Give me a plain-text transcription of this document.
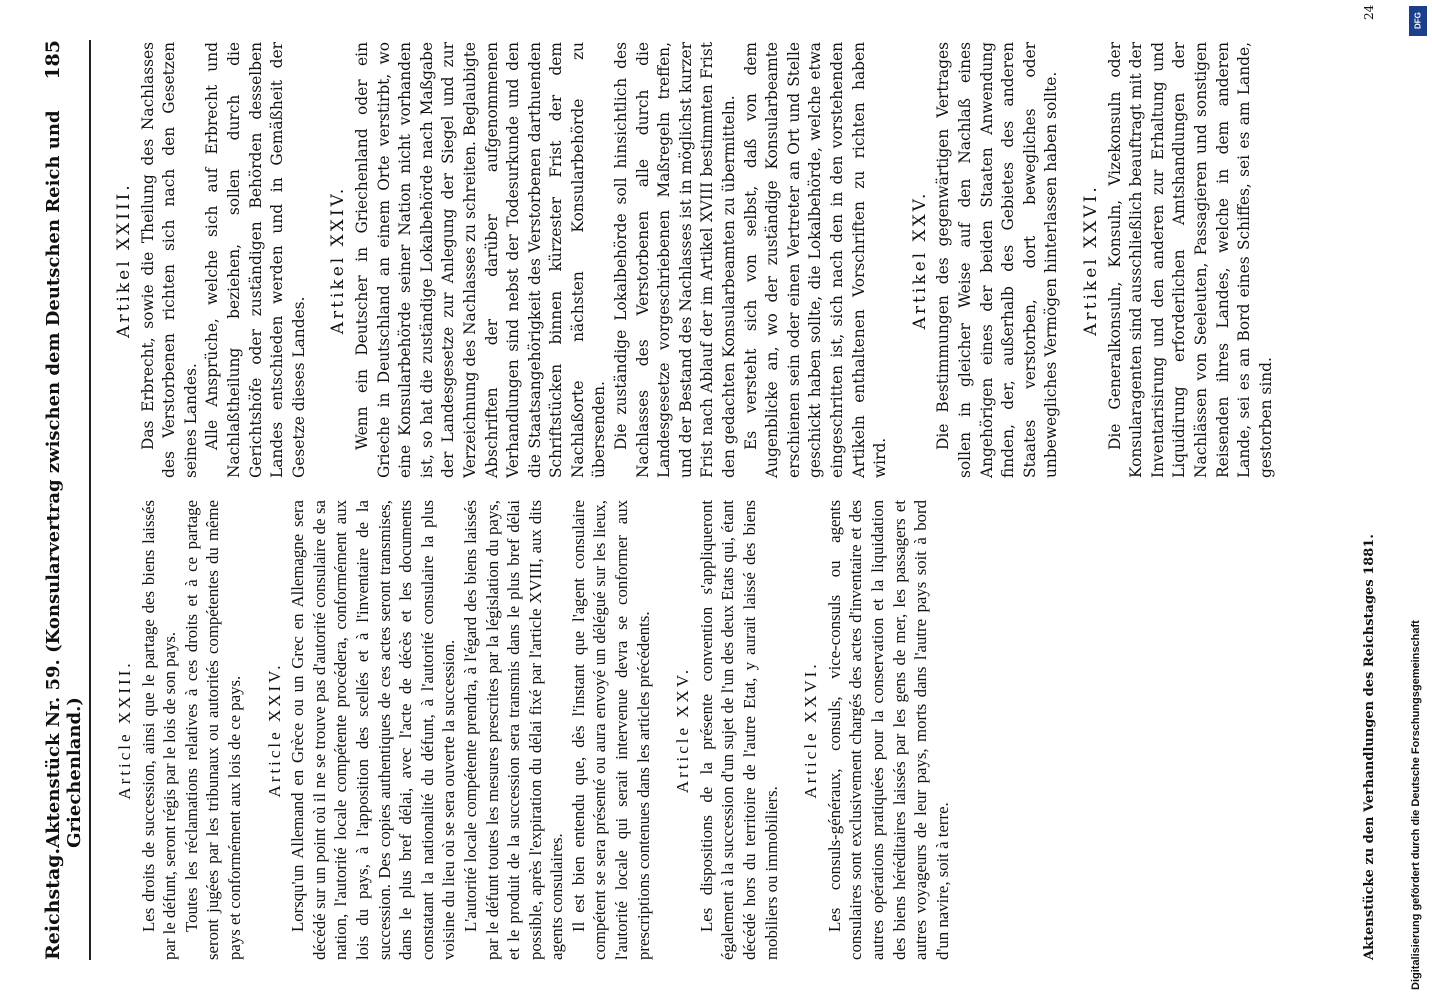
Reichstag.
Aktenstück Nr. 59. (Konsularvertrag zwischen dem Deutschen Reich und Griechenland.)
185
Article XXIII. Les droits de succession, ainsi que le partage des biens laissés par le défunt, seront régis par le lois de son pays. Toutes les réclamations relatives à ces droits et à ce partage seront jugées par les tribunaux ou autorités compétentes du même pays et conformément aux lois de ce pays. Article XXIV. Lorsqu'un Allemand en Grèce ou un Grec en Allemagne sera décédé sur un point où il ne se trouve pas d'autorité consulaire de sa nation, l'autorité locale compétente procédera, conformément aux lois du pays, à l'apposition des scellés et à l'inventaire de la succession. Des copies authentiques de ces actes seront transmises, dans le plus bref délai, avec l'acte de décès et les documents constatant la nationalité du défunt, à l'autorité consulaire la plus voisine du lieu où se sera ouverte la succession. L'autorité locale compétente prendra, à l'égard des biens laissés par le défunt toutes les mesures prescrites par la législation du pays, et le produit de la succession sera transmis dans le plus bref délai possible, après l'expiration du délai fixé par l'article XVIII, aux dits agents consulaires. Il est bien entendu que, dès l'instant que l'agent consulaire compétent se sera présenté ou aura envoyé un délégué sur les lieux, l'autorité locale qui serait intervenue devra se conformer aux prescriptions contenues dans les articles précédents. Article XXV. Les dispositions de la présente convention s'appliqueront également à la succession d'un sujet de l'un des deux Etats qui, étant décédé hors du territoire de l'autre Etat, y aurait laissé des biens mobiliers ou immobiliers.

Article XXVI. Les consuls-généraux, consuls, vice-consuls ou agents consulaires sont exclusivement chargés des actes d'inventaire et des autres opérations pratiquées pour la conservation et la liquidation des biens héréditaires laissés par les gens de mer, les passagers et autres voyageurs de leur pays, morts dans l'autre pays soit à bord d'un navire, soit à terre.

Artikel XXIII. Das Erbrecht, sowie die Theilung des Nachlasses des Verstorbenen richten sich nach den Gesetzen seines Landes. Alle Ansprüche, welche sich auf Erbrecht und Nachlaßtheilung beziehen, sollen durch die Gerichtshöfe oder zuständigen Behörden desselben Landes entschieden werden und in Gemäßheit der Gesetze dieses Landes.

Artikel XXIV. Wenn ein Deutscher in Griechenland oder ein Grieche in Deutschland an einem Orte verstirbt, wo eine Konsularbehörde seiner Nation nicht vorhanden ist, so hat die zuständige Lokalbehörde nach Maßgabe der Landesgesetze zur Anlegung der Siegel und zur Verzeichnung des Nachlasses zu schreiten. Beglaubigte Abschriften der darüber aufgenommenen Verhandlungen sind nebst der Todesurkunde und den die Staatsangehörigkeit des Verstorbenen darthuenden Schriftstücken binnen kürzester Frist der dem Nachlaßorte nächsten Konsularbehörde zu übersenden. Die zuständige Lokalbehörde soll hinsichtlich des Nachlasses des Verstorbenen alle durch die Landesgesetze vorgeschriebenen Maßregeln treffen, und der Bestand des Nachlasses ist in möglichst kurzer Frist nach Ablauf der im Artikel XVIII bestimmten Frist den gedachten Konsularbeamten zu übermitteln. Es versteht sich von selbst, daß von dem Augenblicke an, wo der zuständige Konsularbeamte erschienen sein oder einen Vertreter an Ort und Stelle geschickt haben sollte, die Lokalbehörde, welche etwa eingeschritten ist, sich nach den in den vorstehenden Artikeln enthaltenen Vorschriften zu richten haben wird.

Artikel XXV. Die Bestimmungen des gegenwärtigen Vertrages sollen in gleicher Weise auf den Nachlaß eines Angehörigen eines der beiden Staaten Anwendung finden, der, außerhalb des Gebietes des anderen Staates verstorben, dort bewegliches oder unbewegliches Vermögen hinterlassen haben sollte. Artikel XXVI. Die Generalkonsuln, Konsuln, Vizekonsuln oder Konsularagenten sind ausschließlich beauftragt mit der Inventarisirung und den anderen zur Erhaltung und Liquidirung erforderlichen Amtshandlungen der Nachlässen von Seeleuten, Passagieren und sonstigen Reisenden ihres Landes, welche in dem anderen Lande, sei es an Bord eines Schiffes, sei es am Lande, gestorben sind.

Aktenstücke zu den Verhandlungen des Reichstages 1881.
24
DFG
Digitalisierung gefördert durch die Deutsche Forschungsgemeinschaft
